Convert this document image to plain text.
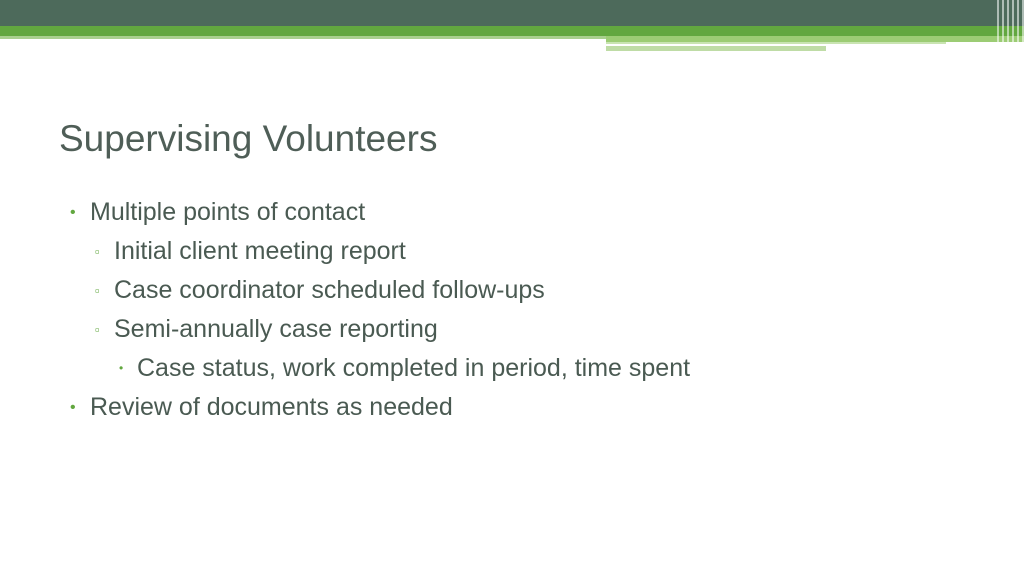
Supervising Volunteers
• Multiple points of contact
▫ Initial client meeting report
▫ Case coordinator scheduled follow-ups
▫ Semi-annually case reporting
• Case status, work completed in period, time spent
• Review of documents as needed
